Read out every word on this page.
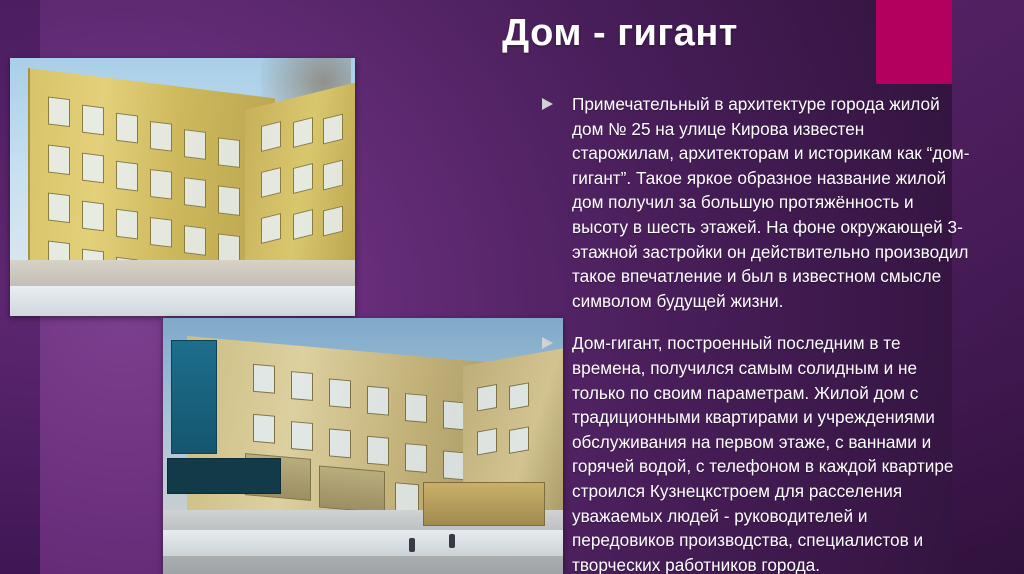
Дом - гигант
Примечательный в архитектуре города жилой дом № 25 на улице Кирова известен старожилам, архитекторам и историкам как “дом-гигант”. Такое яркое образное название жилой дом получил за большую протяжённость и высоту в шесть этажей. На фоне окружающей 3-этажной застройки он действительно производил такое впечатление и был в известном смысле символом будущей жизни.
Дом-гигант, построенный последним в те времена, получился самым солидным и не только по своим параметрам. Жилой дом с традиционными квартирами и учреждениями обслуживания на первом этаже, с ваннами и горячей водой, с телефоном в каждой квартире строился Кузнецкстроем для расселения уважаемых людей - руководителей и передовиков производства, специалистов и творческих работников города.
